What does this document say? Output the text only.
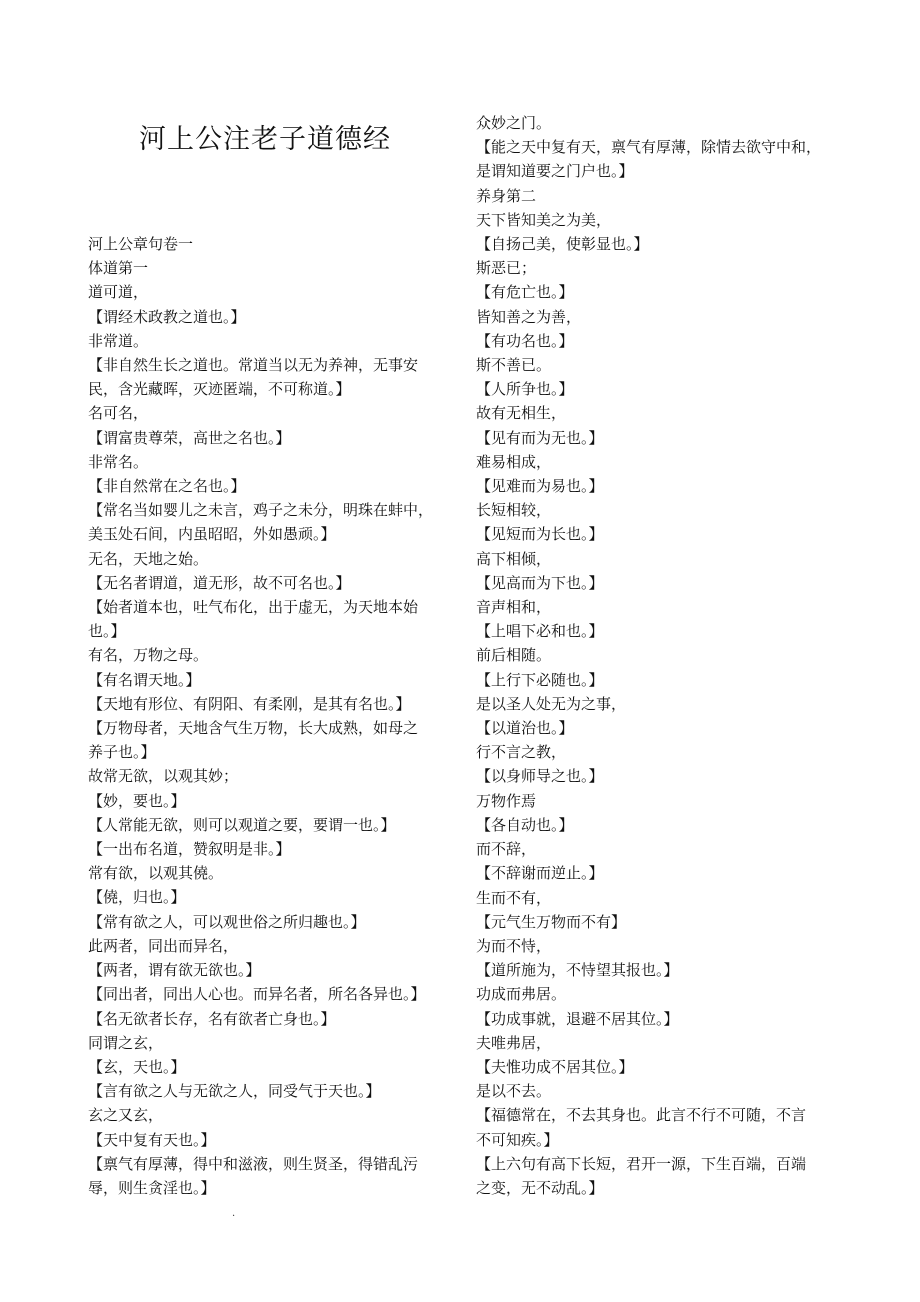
河上公注老子道德经
河上公章句卷一
体道第一
道可道，
【谓经术政教之道也。】
非常道。
【非自然生长之道也。常道当以无为养神，无事安
民，含光藏晖，灭迹匿端，不可称道。】
名可名，
【谓富贵尊荣，高世之名也。】
非常名。
【非自然常在之名也。】
【常名当如婴儿之未言，鸡子之未分，明珠在蚌中，
美玉处石间，内虽昭昭，外如愚顽。】
无名，天地之始。
【无名者谓道，道无形，故不可名也。】
【始者道本也，吐气布化，出于虚无，为天地本始
也。】
有名，万物之母。
【有名谓天地。】
【天地有形位、有阴阳、有柔刚，是其有名也。】
【万物母者，天地含气生万物，长大成熟，如母之
养子也。】
故常无欲，以观其妙；
【妙，要也。】
【人常能无欲，则可以观道之要，要谓一也。】
【一出布名道，赞叙明是非。】
常有欲，以观其僥。
【僥，归也。】
【常有欲之人，可以观世俗之所归趣也。】
此两者，同出而异名，
【两者，谓有欲无欲也。】
【同出者，同出人心也。而异名者，所名各异也。】
【名无欲者长存，名有欲者亡身也。】
同谓之玄，
【玄，天也。】
【言有欲之人与无欲之人，同受气于天也。】
玄之又玄，
【天中复有天也。】
【禀气有厚薄，得中和滋液，则生贤圣，得错乱污
辱，则生贪淫也。】
众妙之门。
【能之天中复有天，禀气有厚薄，除情去欲守中和，
是谓知道要之门户也。】
养身第二
天下皆知美之为美，
【自扬己美，使彰显也。】
斯恶已；
【有危亡也。】
皆知善之为善，
【有功名也。】
斯不善已。
【人所争也。】
故有无相生，
【见有而为无也。】
难易相成，
【见难而为易也。】
长短相较，
【见短而为长也。】
高下相倾，
【见高而为下也。】
音声相和，
【上唱下必和也。】
前后相随。
【上行下必随也。】
是以圣人处无为之事，
【以道治也。】
行不言之教，
【以身师导之也。】
万物作焉
【各自动也。】
而不辞，
【不辞谢而逆止。】
生而不有，
【元气生万物而不有】
为而不恃，
【道所施为，不恃望其报也。】
功成而弗居。
【功成事就，退避不居其位。】
夫唯弗居，
【夫惟功成不居其位。】
是以不去。
【福德常在，不去其身也。此言不行不可随，不言
不可知疾。】
【上六句有高下长短，君开一源，下生百端，百端
之变，无不动乱。】
.
